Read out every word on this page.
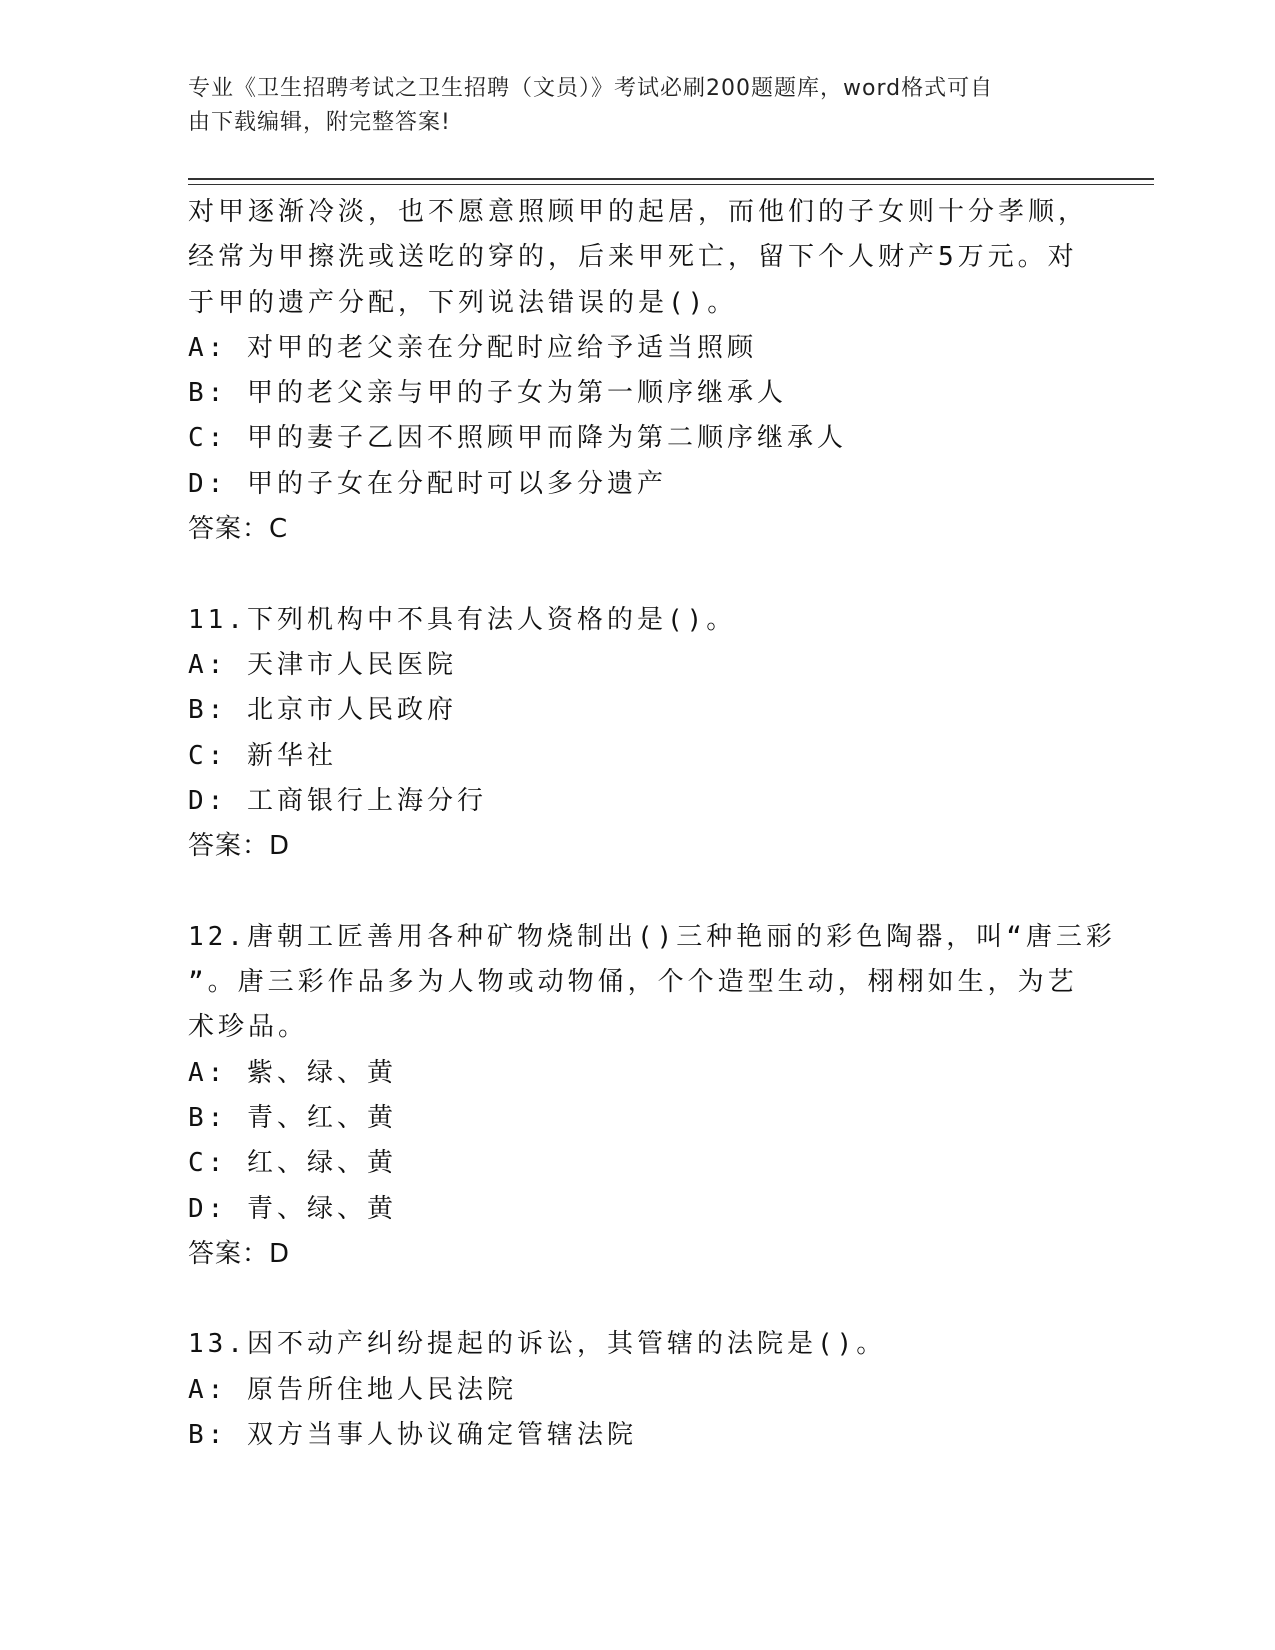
专业《卫生招聘考试之卫生招聘（文员）》考试必刷200题题库，word格式可自
由下载编辑，附完整答案!
对甲逐渐冷淡，也不愿意照顾甲的起居，而他们的子女则十分孝顺，
经常为甲擦洗或送吃的穿的，后来甲死亡，留下个人财产5万元。对
于甲的遗产分配，下列说法错误的是()。
A: 对甲的老父亲在分配时应给予适当照顾
B: 甲的老父亲与甲的子女为第一顺序继承人
C: 甲的妻子乙因不照顾甲而降为第二顺序继承人
D: 甲的子女在分配时可以多分遗产
答案：C
11.下列机构中不具有法人资格的是()。
A: 天津市人民医院
B: 北京市人民政府
C: 新华社
D: 工商银行上海分行
答案：D
12.唐朝工匠善用各种矿物烧制出()三种艳丽的彩色陶器，叫“唐三彩
”。唐三彩作品多为人物或动物俑，个个造型生动，栩栩如生，为艺
术珍品。
A: 紫、绿、黄
B: 青、红、黄
C: 红、绿、黄
D: 青、绿、黄
答案：D
13.因不动产纠纷提起的诉讼，其管辖的法院是()。
A: 原告所住地人民法院
B: 双方当事人协议确定管辖法院
